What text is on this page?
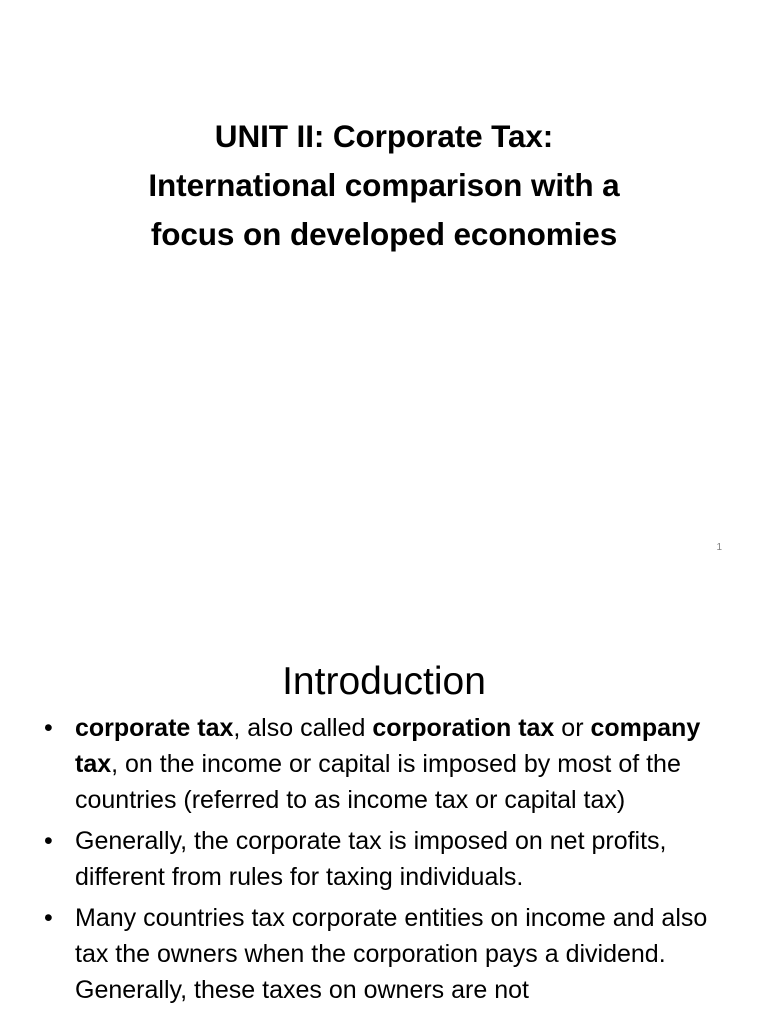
UNIT II: Corporate Tax:
International comparison with a
focus on developed economies
1
Introduction
• corporate tax, also called corporation tax or company tax, on the income or capital is imposed by most of the countries (referred to as income tax or capital tax)
• Generally, the corporate tax is imposed on net profits, different from rules for taxing individuals.
• Many countries tax corporate entities on income and also tax the owners when the corporation pays a dividend. Generally, these taxes on owners are not
